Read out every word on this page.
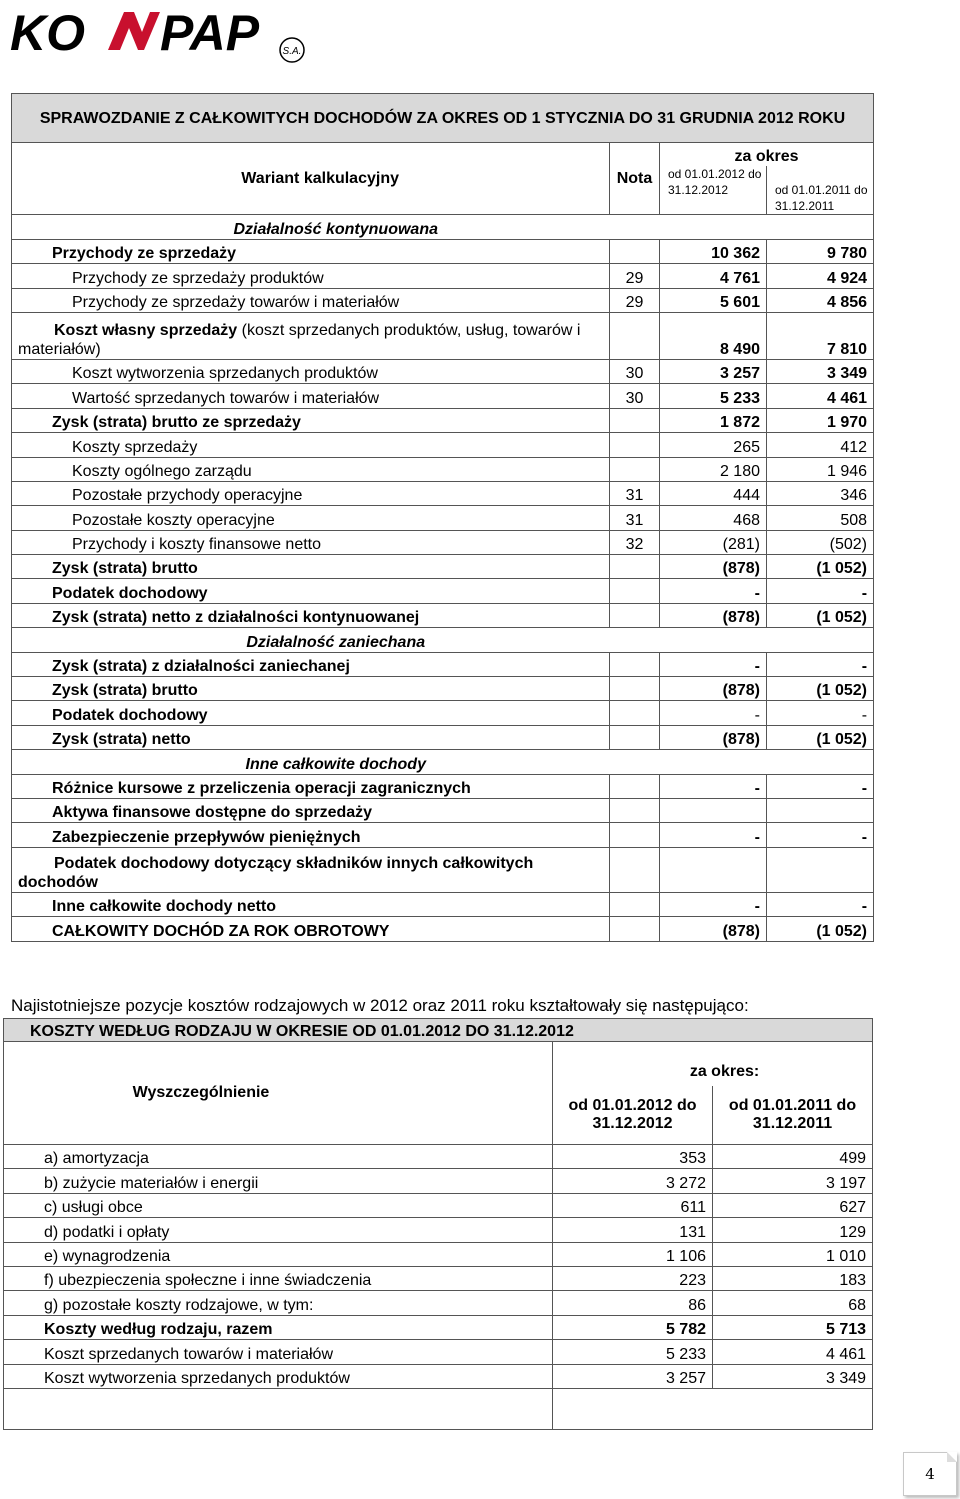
KO PAP S.A.
SPRAWOZDANIE Z CAŁKOWITYCH DOCHODÓW ZA OKRES OD 1 STYCZNIA DO 31 GRUDNIA 2012 ROKU			
Wariant kalkulacyjny	Nota	za okres	
		od 01.01.2012 do 31.12.2012	od 01.01.2011 do 31.12.2011
Działalność kontynuowana			
Przychody ze sprzedaży		10 362	9 780
Przychody ze sprzedaży produktów	29	4 761	4 924
Przychody ze sprzedaży towarów i materiałów	29	5 601	4 856
Koszt własny sprzedaży (koszt sprzedanych produktów, usług, towarów i materiałów)		8 490	7 810
Koszt wytworzenia sprzedanych produktów	30	3 257	3 349
Wartość sprzedanych towarów i materiałów	30	5 233	4 461
Zysk (strata) brutto ze sprzedaży		1 872	1 970
Koszty sprzedaży		265	412
Koszty ogólnego zarządu		2 180	1 946
Pozostałe przychody operacyjne	31	444	346
Pozostałe koszty operacyjne	31	468	508
Przychody i koszty finansowe netto	32	(281)	(502)
Zysk (strata) brutto		(878)	(1 052)
Podatek dochodowy		-	-
Zysk (strata) netto z działalności kontynuowanej		(878)	(1 052)
Działalność zaniechana			
Zysk (strata) z działalności zaniechanej		-	-
Zysk (strata) brutto		(878)	(1 052)
Podatek dochodowy		-	-
Zysk (strata) netto		(878)	(1 052)
Inne całkowite dochody			
Różnice kursowe z przeliczenia operacji zagranicznych		-	-
Aktywa finansowe dostępne do sprzedaży			
Zabezpieczenie przepływów pieniężnych		-	-
Podatek dochodowy dotyczący składników innych całkowitych dochodów			
Inne całkowite dochody netto		-	-
CAŁKOWITY DOCHÓD ZA ROK OBROTOWY		(878)	(1 052)
Najistotniejsze pozycje kosztów rodzajowych w 2012 oraz 2011 roku kształtowały się następująco:
KOSZTY WEDŁUG RODZAJU W OKRESIE OD 01.01.2012 DO 31.12.2012		
Wyszczególnienie	za okres:	
	od 01.01.2012 do 31.12.2012	od 01.01.2011 do 31.12.2011
a) amortyzacja	353	499
b) zużycie materiałów i energii	3 272	3 197
c) usługi obce	611	627
d) podatki i opłaty	131	129
e) wynagrodzenia	1 106	1 010
f) ubezpieczenia społeczne i inne świadczenia	223	183
g) pozostałe koszty rodzajowe, w tym:	86	68
Koszty według rodzaju, razem	5 782	5 713
Koszt sprzedanych towarów i materiałów	5 233	4 461
Koszt wytworzenia sprzedanych produktów	3 257	3 349

4
